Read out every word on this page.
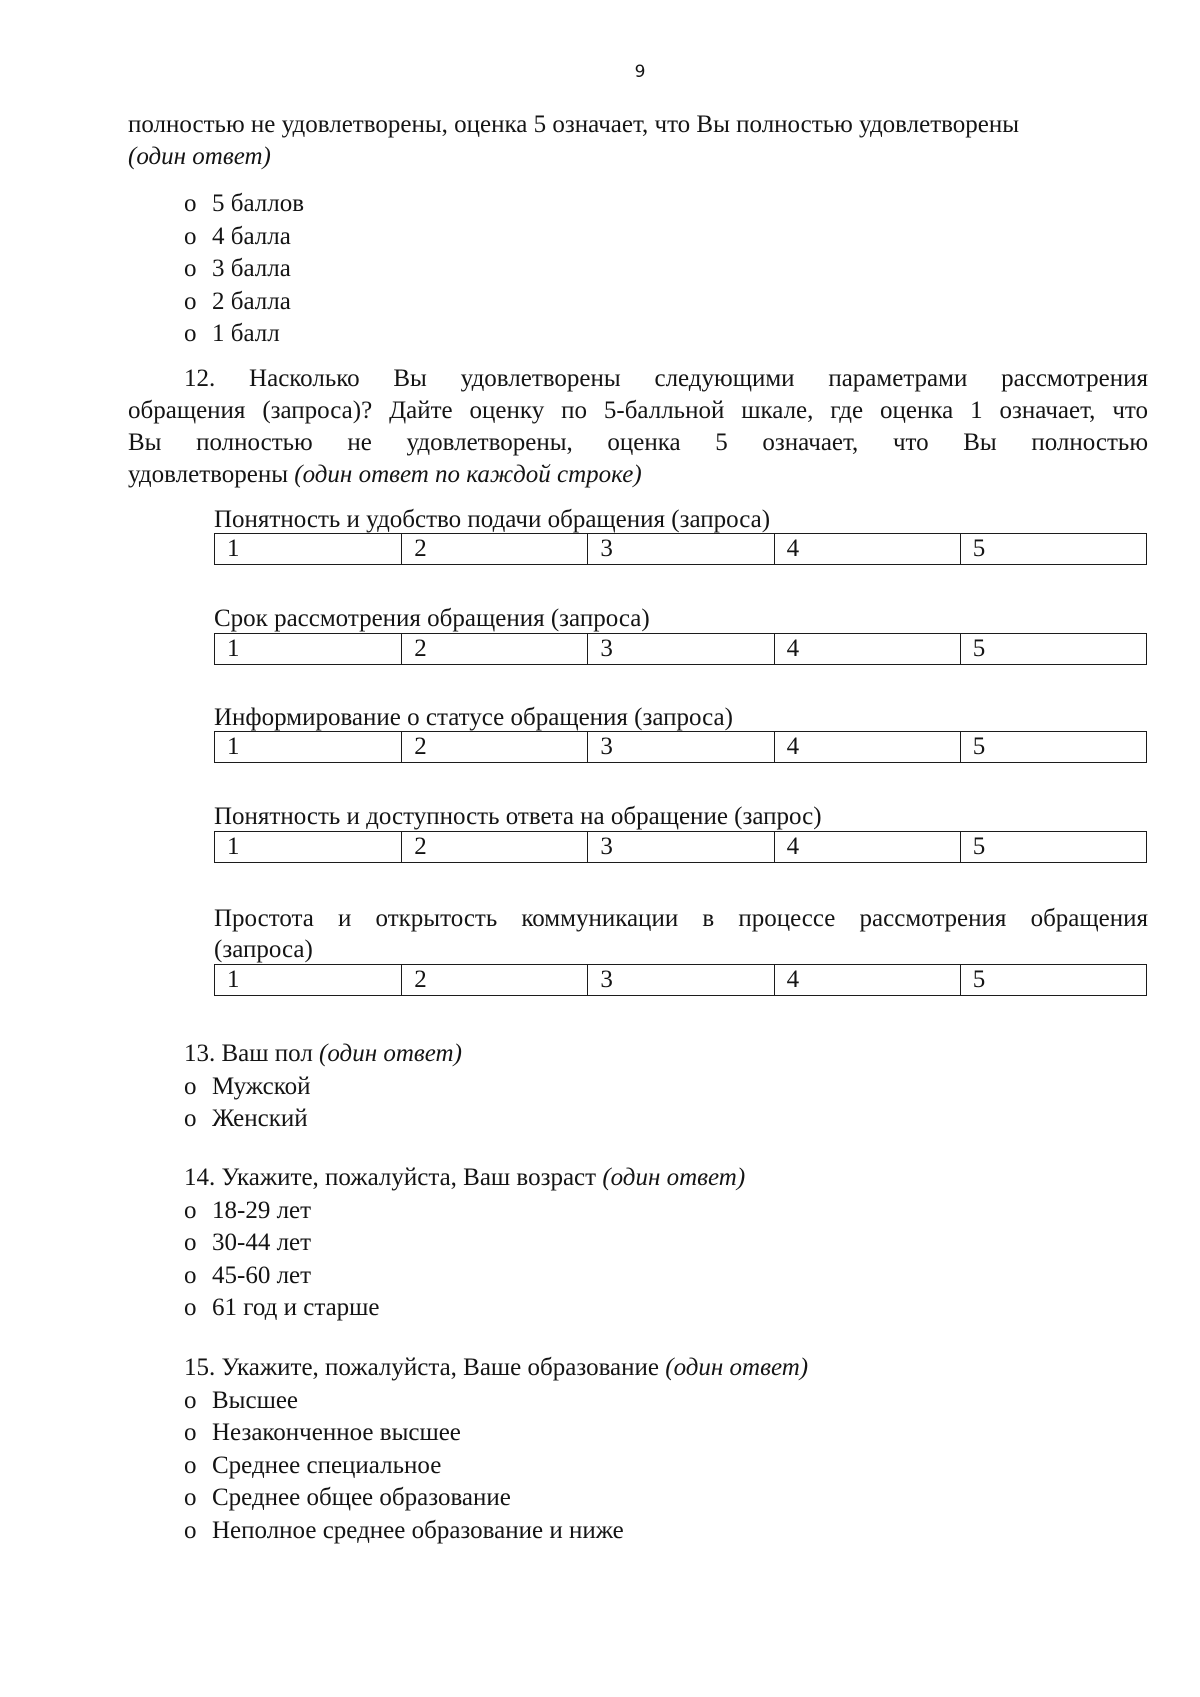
9
полностью не удовлетворены, оценка 5 означает, что Вы полностью удовлетворены
(один ответ)
o 5 баллов
o 4 балла
o 3 балла
o 2 балла
o 1 балл
12. Насколько Вы удовлетворены следующими параметрами рассмотрения
обращения (запроса)? Дайте оценку по 5-балльной шкале, где оценка 1 означает, что
Вы полностью не удовлетворены, оценка 5 означает, что Вы полностью
удовлетворены (один ответ по каждой строке)
Понятность и удобство подачи обращения (запроса)
1	2	3	4	5
Срок рассмотрения обращения (запроса)
1	2	3	4	5
Информирование о статусе обращения (запроса)
1	2	3	4	5
Понятность и доступность ответа на обращение (запрос)
1	2	3	4	5
Простота и открытость коммуникации в процессе рассмотрения обращения
(запроса)
1	2	3	4	5
13. Ваш пол (один ответ)
o Мужской
o Женский
14. Укажите, пожалуйста, Ваш возраст (один ответ)
o 18-29 лет
o 30-44 лет
o 45-60 лет
o 61 год и старше
15. Укажите, пожалуйста, Ваше образование (один ответ)
o Высшее
o Незаконченное высшее
o Среднее специальное
o Среднее общее образование
o Неполное среднее образование и ниже
